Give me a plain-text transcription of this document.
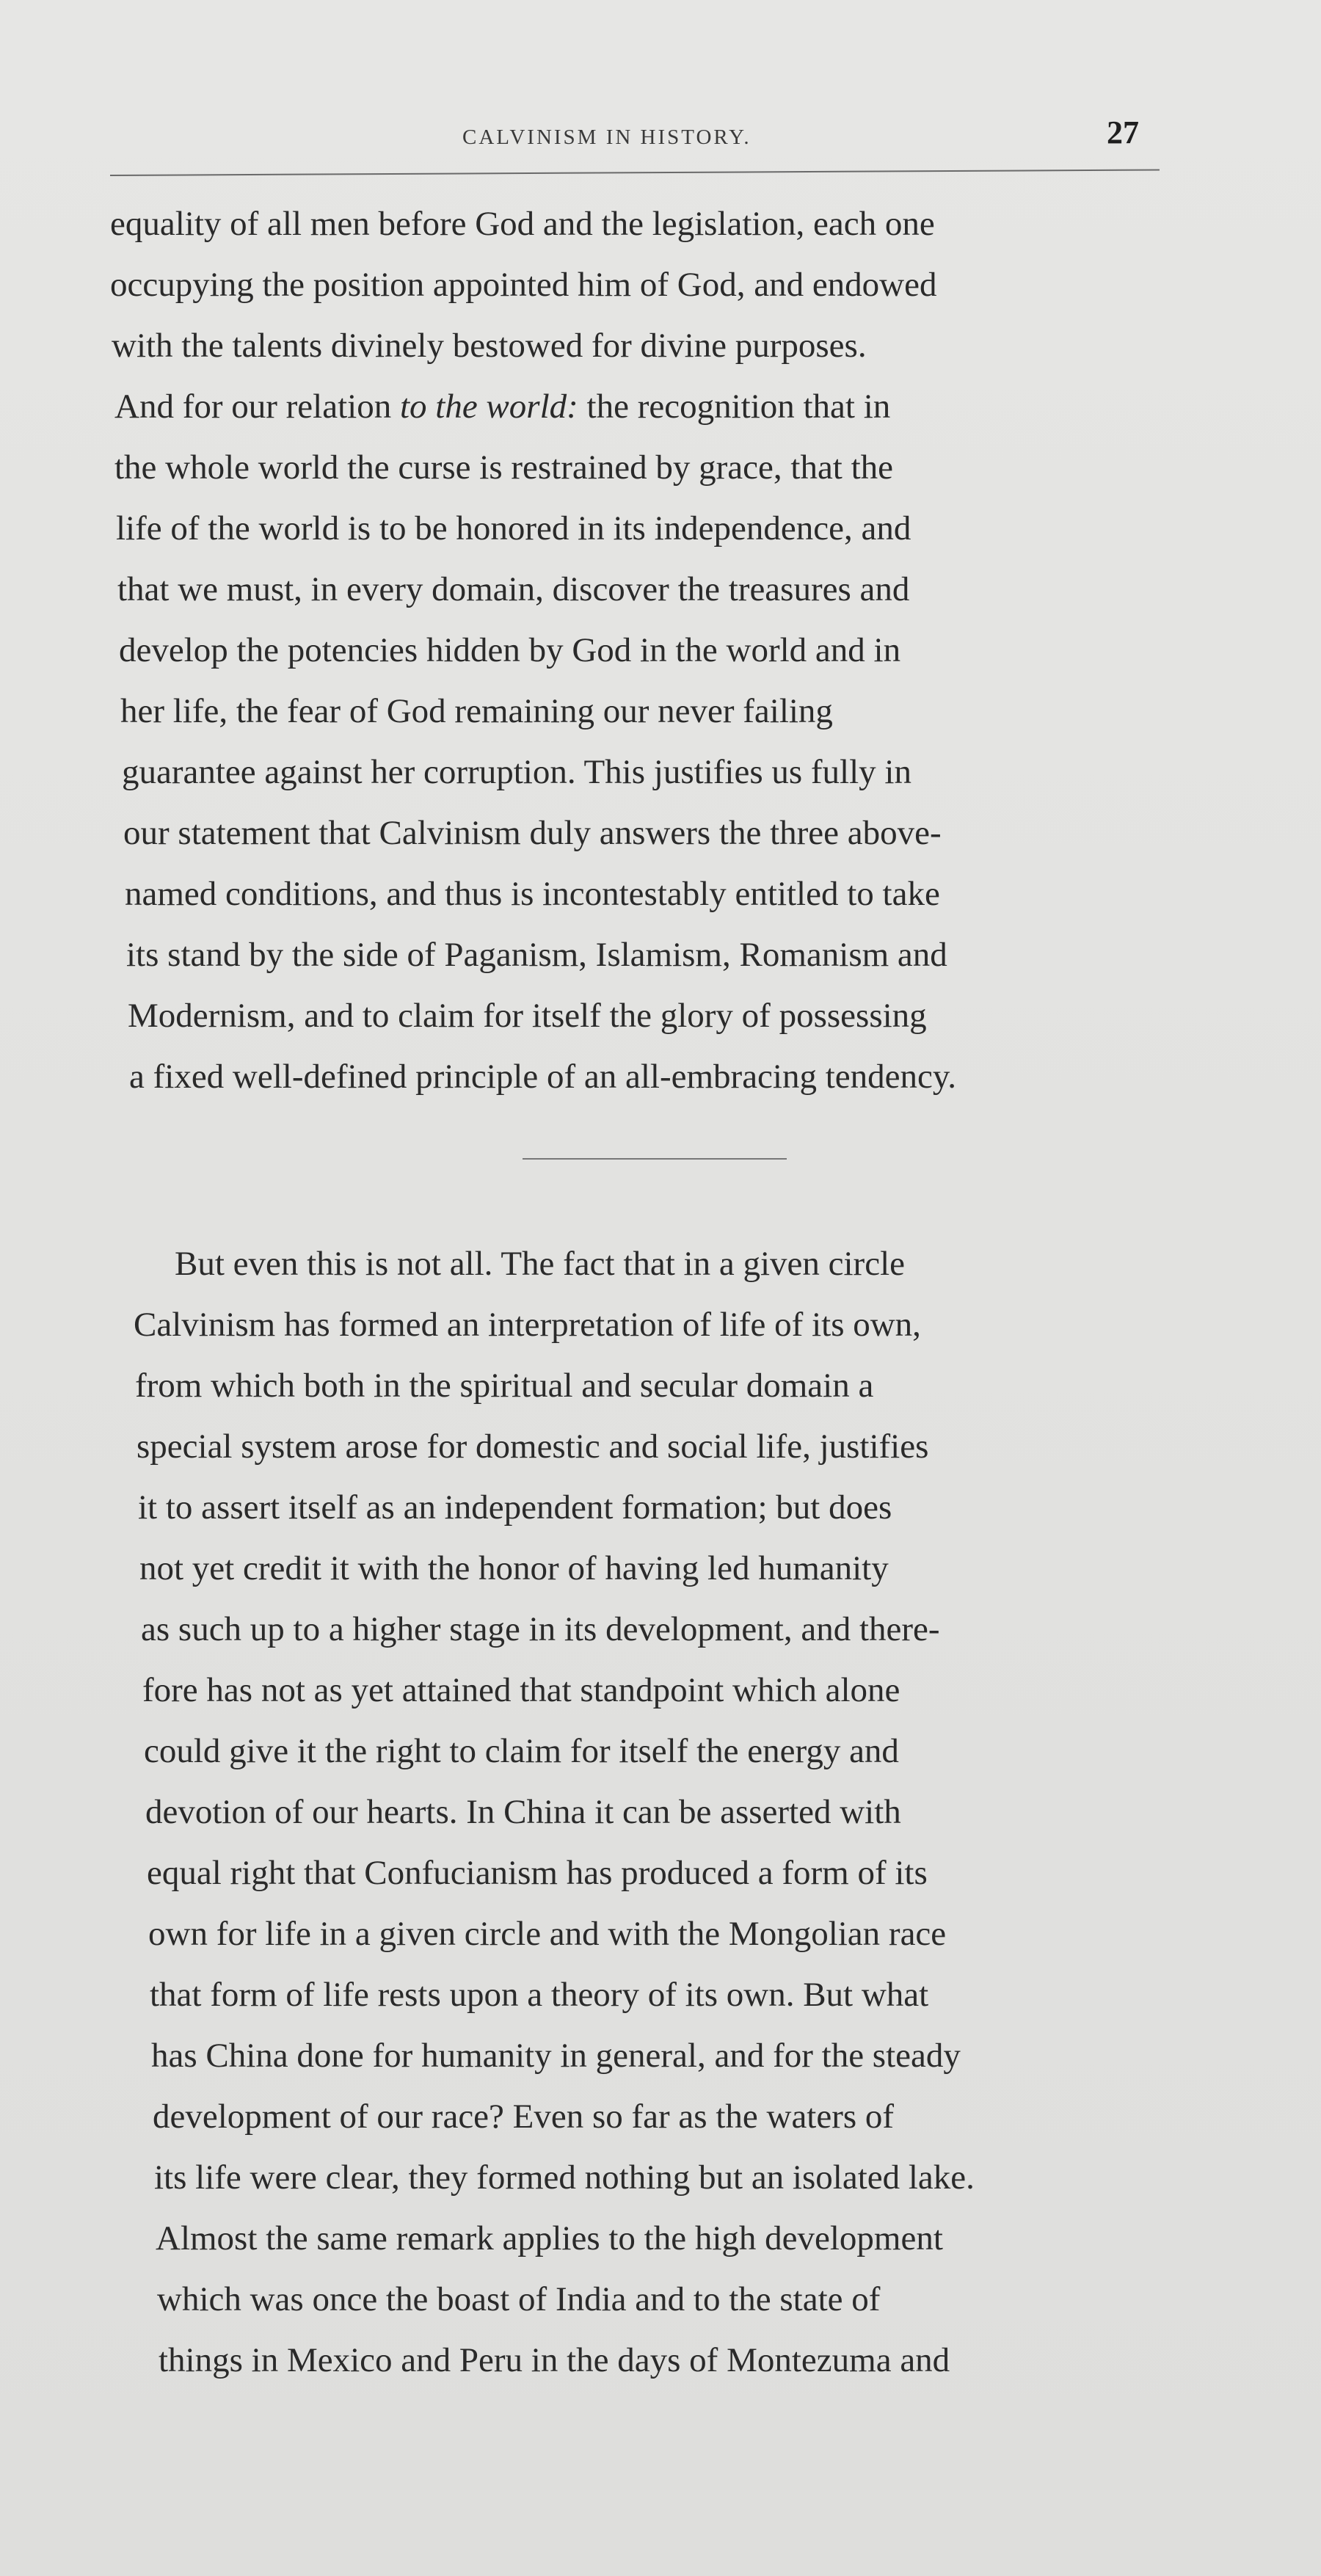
CALVINISM IN HISTORY.	27
equality of all men before God and the legislation, each one
occupying the position appointed him of God, and endowed
with the talents divinely bestowed for divine purposes.
And for our relation to the world: the recognition that in
the whole world the curse is restrained by grace, that the
life of the world is to be honored in its independence, and
that we must, in every domain, discover the treasures and
develop the potencies hidden by God in the world and in
her life, the fear of God remaining our never failing
guarantee against her corruption. This justifies us fully in
our statement that Calvinism duly answers the three above-
named conditions, and thus is incontestably entitled to take
its stand by the side of Paganism, Islamism, Romanism and
Modernism, and to claim for itself the glory of possessing
a fixed well-defined principle of an all-embracing tendency.
But even this is not all. The fact that in a given circle
Calvinism has formed an interpretation of life of its own,
from which both in the spiritual and secular domain a
special system arose for domestic and social life, justifies
it to assert itself as an independent formation; but does
not yet credit it with the honor of having led humanity
as such up to a higher stage in its development, and there-
fore has not as yet attained that standpoint which alone
could give it the right to claim for itself the energy and
devotion of our hearts. In China it can be asserted with
equal right that Confucianism has produced a form of its
own for life in a given circle and with the Mongolian race
that form of life rests upon a theory of its own. But what
has China done for humanity in general, and for the steady
development of our race? Even so far as the waters of
its life were clear, they formed nothing but an isolated lake.
Almost the same remark applies to the high development
which was once the boast of India and to the state of
things in Mexico and Peru in the days of Montezuma and
